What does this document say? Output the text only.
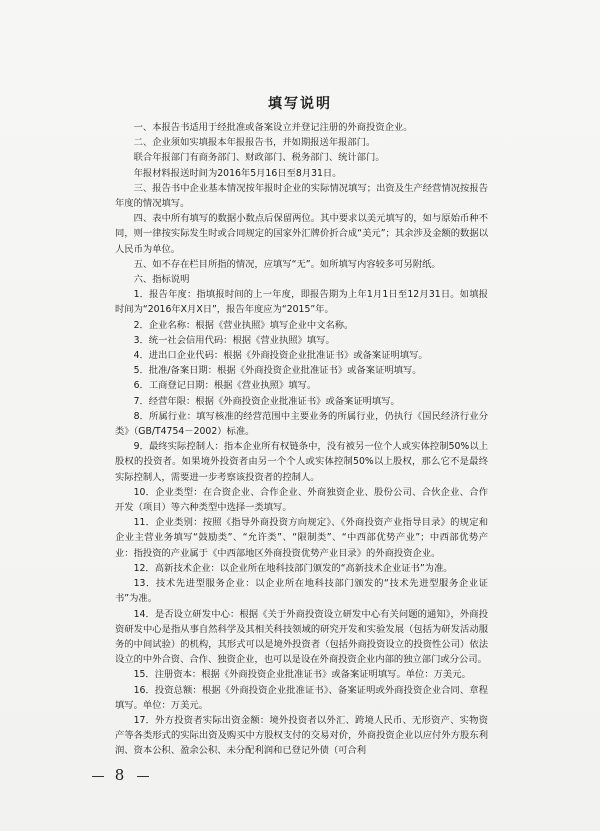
填写说明

一、本报告书适用于经批准或备案设立并登记注册的外商投资企业。

二、企业须如实填报本年报报告书，并如期报送年报部门。

联合年报部门有商务部门、财政部门、税务部门、统计部门。

年报材料报送时间为2016年5月16日至8月31日。

三、报告书中企业基本情况按年报时企业的实际情况填写；出资及生产经营情况按报告年度的情况填写。

四、表中所有填写的数据小数点后保留两位。其中要求以美元填写的，如与原始币种不同，则一律按实际发生时或合同规定的国家外汇牌价折合成“美元”；其余涉及金额的数据以人民币为单位。

五、如不存在栏目所指的情况，应填写“无”。如所填写内容较多可另附纸。

六、指标说明

1．报告年度：指填报时间的上一年度，即报告期为上年1月1日至12月31日。如填报时间为“2016年X月X日”，报告年度应为“2015”年。

2．企业名称：根据《营业执照》填写企业中文名称。

3．统一社会信用代码：根据《营业执照》填写。

4．进出口企业代码：根据《外商投资企业批准证书》或备案证明填写。

5．批准/备案日期：根据《外商投资企业批准证书》或备案证明填写。

6．工商登记日期：根据《营业执照》填写。

7．经营年限：根据《外商投资企业批准证书》或备案证明填写。

8．所属行业：填写核准的经营范围中主要业务的所属行业，仍执行《国民经济行业分类》（GB/T4754－2002）标准。

9．最终实际控制人：指本企业所有权链条中，没有被另一位个人或实体控制50%以上股权的投资者。如果境外投资者由另一个个人或实体控制50%以上股权，那么它不是最终实际控制人，需要进一步考察该投资者的控制人。

10．企业类型：在合资企业、合作企业、外商独资企业、股份公司、合伙企业、合作开发（项目）等六种类型中选择一类填写。

11．企业类别：按照《指导外商投资方向规定》、《外商投资产业指导目录》的规定和企业主营业务填写“鼓励类”、“允许类”、“限制类”、“中西部优势产业”；中西部优势产业：指投资的产业属于《中西部地区外商投资优势产业目录》的外商投资企业。

12．高新技术企业：以企业所在地科技部门颁发的“高新技术企业证书”为准。

13．技术先进型服务企业：以企业所在地科技部门颁发的“技术先进型服务企业证书”为准。

14．是否设立研发中心：根据《关于外商投资设立研发中心有关问题的通知》，外商投资研发中心是指从事自然科学及其相关科技领域的研究开发和实验发展（包括为研发活动服务的中间试验）的机构，其形式可以是境外投资者（包括外商投资设立的投资性公司）依法设立的中外合资、合作、独资企业，也可以是设在外商投资企业内部的独立部门或分公司。

15．注册资本：根据《外商投资企业批准证书》或备案证明填写。单位：万美元。

16．投资总额：根据《外商投资企业批准证书》、备案证明或外商投资企业合同、章程填写。单位：万美元。

17．外方投资者实际出资金额：境外投资者以外汇、跨境人民币、无形资产、实物资产等各类形式的实际出资及购买中方股权支付的交易对价，外商投资企业以应付外方股东利润、资本公积、盈余公积、未分配利润和已登记外债（可合利

8
